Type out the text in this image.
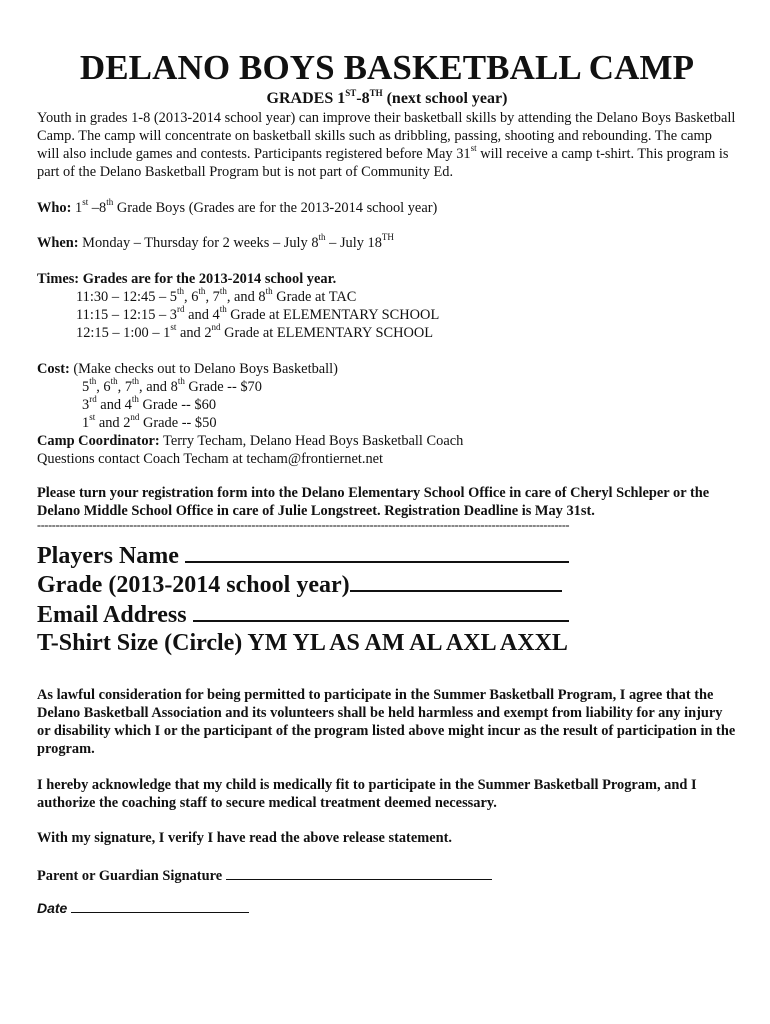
DELANO BOYS BASKETBALL CAMP
GRADES 1ST-8TH (next school year)
Youth in grades 1-8 (2013-2014 school year) can improve their basketball skills by attending the Delano Boys Basketball Camp. The camp will concentrate on basketball skills such as dribbling, passing, shooting and rebounding. The camp will also include games and contests. Participants registered before May 31st will receive a camp t-shirt. This program is part of the Delano Basketball Program but is not part of Community Ed.
Who: 1st –8th Grade Boys (Grades are for the 2013-2014 school year)
When: Monday – Thursday for 2 weeks – July 8th – July 18TH
Times: Grades are for the 2013-2014 school year.
11:30 – 12:45 – 5th, 6th, 7th, and 8th Grade at TAC
11:15 – 12:15 – 3rd and 4th Grade at ELEMENTARY SCHOOL
12:15 – 1:00 – 1st and 2nd Grade at ELEMENTARY SCHOOL
Cost: (Make checks out to Delano Boys Basketball)
5th, 6th, 7th, and 8th Grade -- $70
3rd and 4th Grade -- $60
1st and 2nd Grade -- $50
Camp Coordinator: Terry Techam, Delano Head Boys Basketball Coach
Questions contact Coach Techam at techam@frontiernet.net
Please turn your registration form into the Delano Elementary School Office in care of Cheryl Schleper or the Delano Middle School Office in care of Julie Longstreet. Registration Deadline is May 31st.
------------------------------------------------------------------------------------------------------------------------------------------------
Players Name
Grade (2013-2014 school year)
Email Address
T-Shirt Size (Circle) YM YL AS AM AL AXL AXXL
As lawful consideration for being permitted to participate in the Summer Basketball Program, I agree that the Delano Basketball Association and its volunteers shall be held harmless and exempt from liability for any injury or disability which I or the participant of the program listed above might incur as the result of participation in the program.
I hereby acknowledge that my child is medically fit to participate in the Summer Basketball Program, and I authorize the coaching staff to secure medical treatment deemed necessary.
With my signature, I verify I have read the above release statement.
Parent or Guardian Signature
Date
